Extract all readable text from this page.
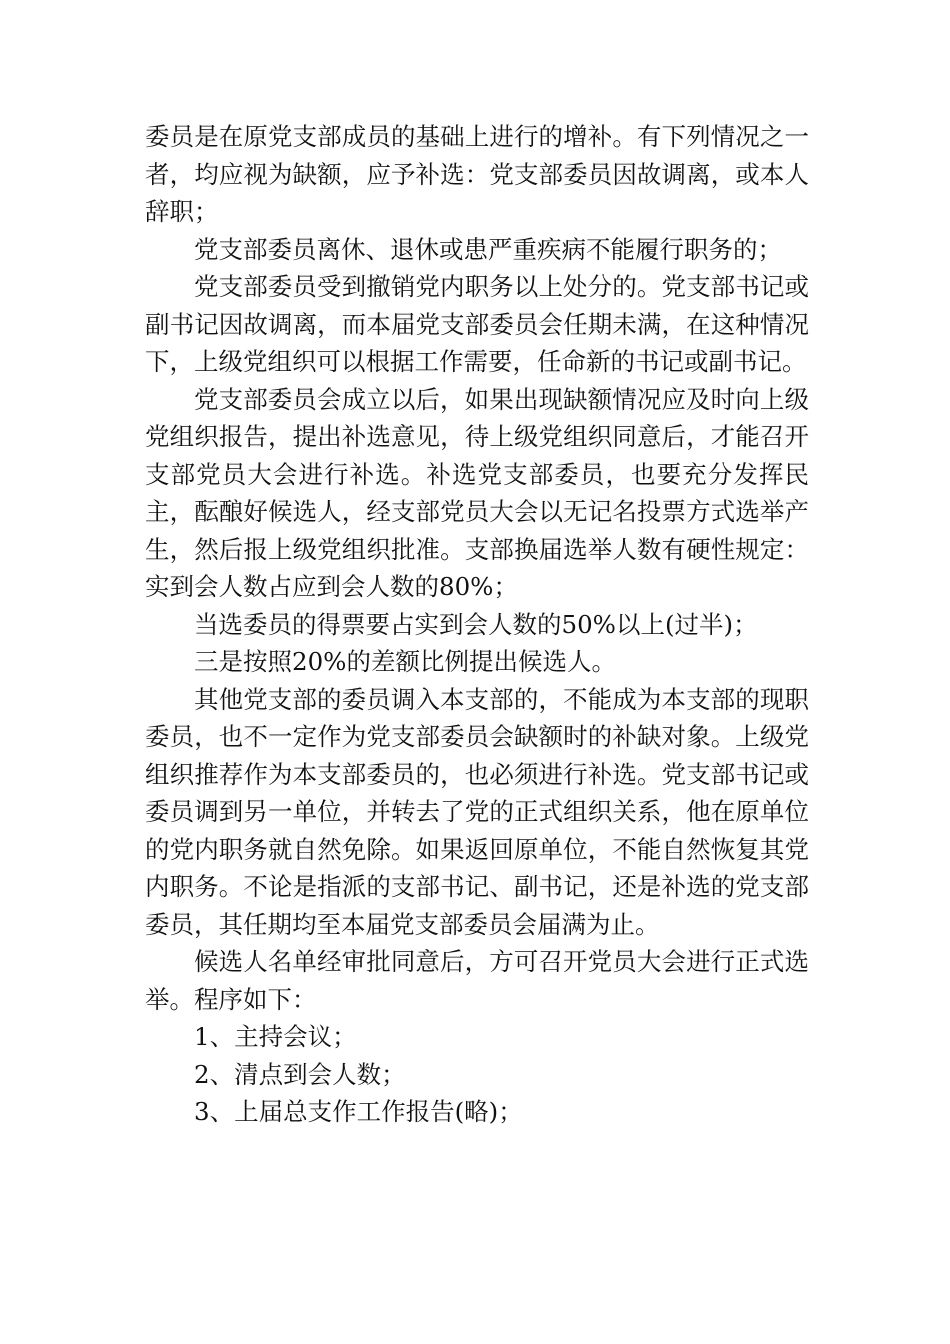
委员是在原党支部成员的基础上进行的增补。有下列情况之一者，均应视为缺额，应予补选：党支部委员因故调离，或本人辞职；

党支部委员离休、退休或患严重疾病不能履行职务的；

党支部委员受到撤销党内职务以上处分的。党支部书记或副书记因故调离，而本届党支部委员会任期未满，在这种情况下，上级党组织可以根据工作需要，任命新的书记或副书记。

党支部委员会成立以后，如果出现缺额情况应及时向上级党组织报告，提出补选意见，待上级党组织同意后，才能召开支部党员大会进行补选。补选党支部委员，也要充分发挥民主，酝酿好候选人，经支部党员大会以无记名投票方式选举产生，然后报上级党组织批准。支部换届选举人数有硬性规定：实到会人数占应到会人数的80%；

当选委员的得票要占实到会人数的50%以上(过半)；

三是按照20%的差额比例提出候选人。

其他党支部的委员调入本支部的，不能成为本支部的现职委员，也不一定作为党支部委员会缺额时的补缺对象。上级党组织推荐作为本支部委员的，也必须进行补选。党支部书记或委员调到另一单位，并转去了党的正式组织关系，他在原单位的党内职务就自然免除。如果返回原单位，不能自然恢复其党内职务。不论是指派的支部书记、副书记，还是补选的党支部委员，其任期均至本届党支部委员会届满为止。

候选人名单经审批同意后，方可召开党员大会进行正式选举。程序如下：

1、主持会议；

2、清点到会人数；

3、上届总支作工作报告(略)；
